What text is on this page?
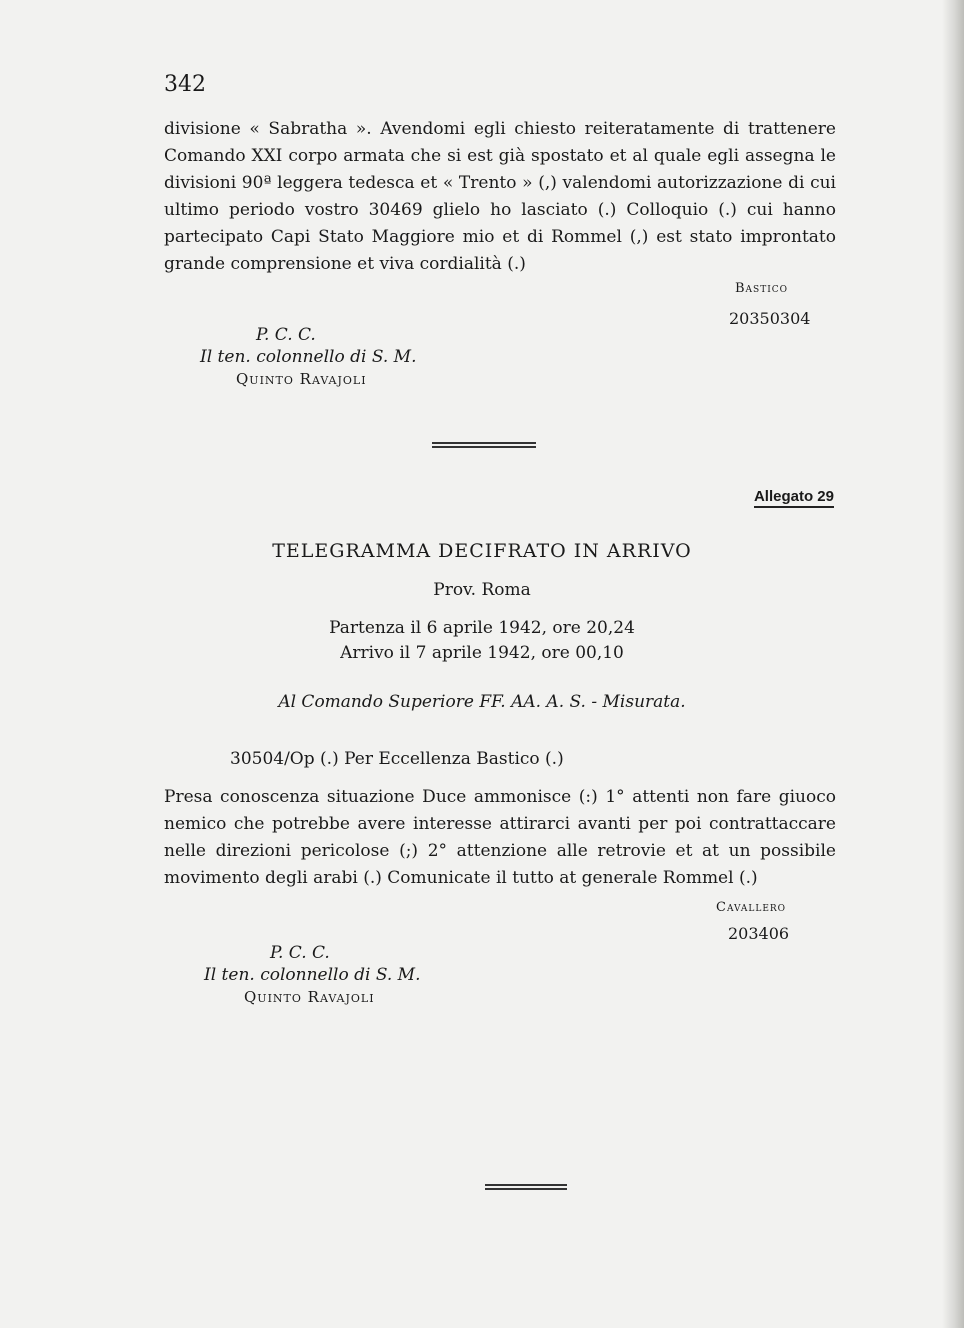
342

divisione « Sabratha ». Avendomi egli chiesto reiteratamente di trattenere Comando XXI corpo armata che si est già spostato et al quale egli assegna le divisioni 90ª leggera tedesca et « Trento » (,) valendomi autorizzazione di cui ultimo periodo vostro 30469 glielo ho lasciato (.) Colloquio (.) cui hanno partecipato Capi Stato Maggiore mio et di Rommel (,) est stato improntato grande comprensione et viva cordialità (.)

Bastico
20350304
P. C. C.
Il ten. colonnello di S. M.
Quinto Ravajoli
Allegato 29
TELEGRAMMA DECIFRATO IN ARRIVO
Prov. Roma
Partenza il 6 aprile 1942, ore 20,24
Arrivo il 7 aprile 1942, ore 00,10
Al Comando Superiore FF. AA. A. S. - Misurata.
30504/Op (.) Per Eccellenza Bastico (.)

Presa conoscenza situazione Duce ammonisce (:) 1° attenti non fare giuoco nemico che potrebbe avere interesse attirarci avanti per poi contrattaccare nelle direzioni pericolose (;) 2° attenzione alle retrovie et at un possibile movimento degli arabi (.) Comunicate il tutto at generale Rommel (.)

Cavallero
203406
P. C. C.
Il ten. colonnello di S. M.
Quinto Ravajoli
